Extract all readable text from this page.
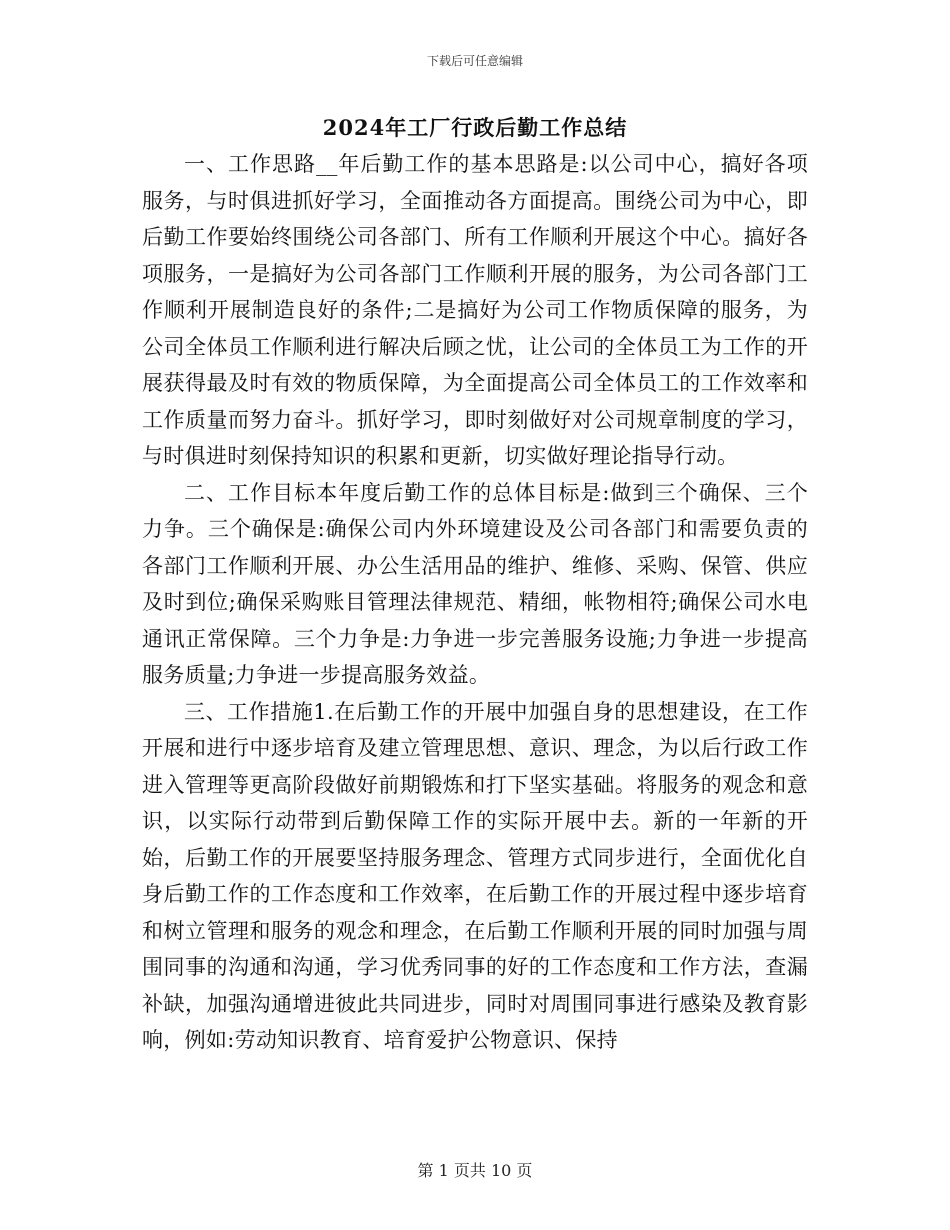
下载后可任意编辑
2024年工厂行政后勤工作总结

一、工作思路__年后勤工作的基本思路是:以公司中心，搞好各项服务，与时俱进抓好学习，全面推动各方面提高。围绕公司为中心，即后勤工作要始终围绕公司各部门、所有工作顺利开展这个中心。搞好各项服务，一是搞好为公司各部门工作顺利开展的服务，为公司各部门工作顺利开展制造良好的条件;二是搞好为公司工作物质保障的服务，为公司全体员工作顺利进行解决后顾之忧，让公司的全体员工为工作的开展获得最及时有效的物质保障，为全面提高公司全体员工的工作效率和工作质量而努力奋斗。抓好学习，即时刻做好对公司规章制度的学习，与时俱进时刻保持知识的积累和更新，切实做好理论指导行动。

二、工作目标本年度后勤工作的总体目标是:做到三个确保、三个力争。三个确保是:确保公司内外环境建设及公司各部门和需要负责的各部门工作顺利开展、办公生活用品的维护、维修、采购、保管、供应及时到位;确保采购账目管理法律规范、精细，帐物相符;确保公司水电通讯正常保障。三个力争是:力争进一步完善服务设施;力争进一步提高服务质量;力争进一步提高服务效益。

三、工作措施1.在后勤工作的开展中加强自身的思想建设，在工作开展和进行中逐步培育及建立管理思想、意识、理念，为以后行政工作进入管理等更高阶段做好前期锻炼和打下坚实基础。将服务的观念和意识，以实际行动带到后勤保障工作的实际开展中去。新的一年新的开始，后勤工作的开展要坚持服务理念、管理方式同步进行，全面优化自身后勤工作的工作态度和工作效率，在后勤工作的开展过程中逐步培育和树立管理和服务的观念和理念，在后勤工作顺利开展的同时加强与周围同事的沟通和沟通，学习优秀同事的好的工作态度和工作方法，查漏补缺，加强沟通增进彼此共同进步，同时对周围同事进行感染及教育影响，例如:劳动知识教育、培育爱护公物意识、保持

第 1 页共 10 页
